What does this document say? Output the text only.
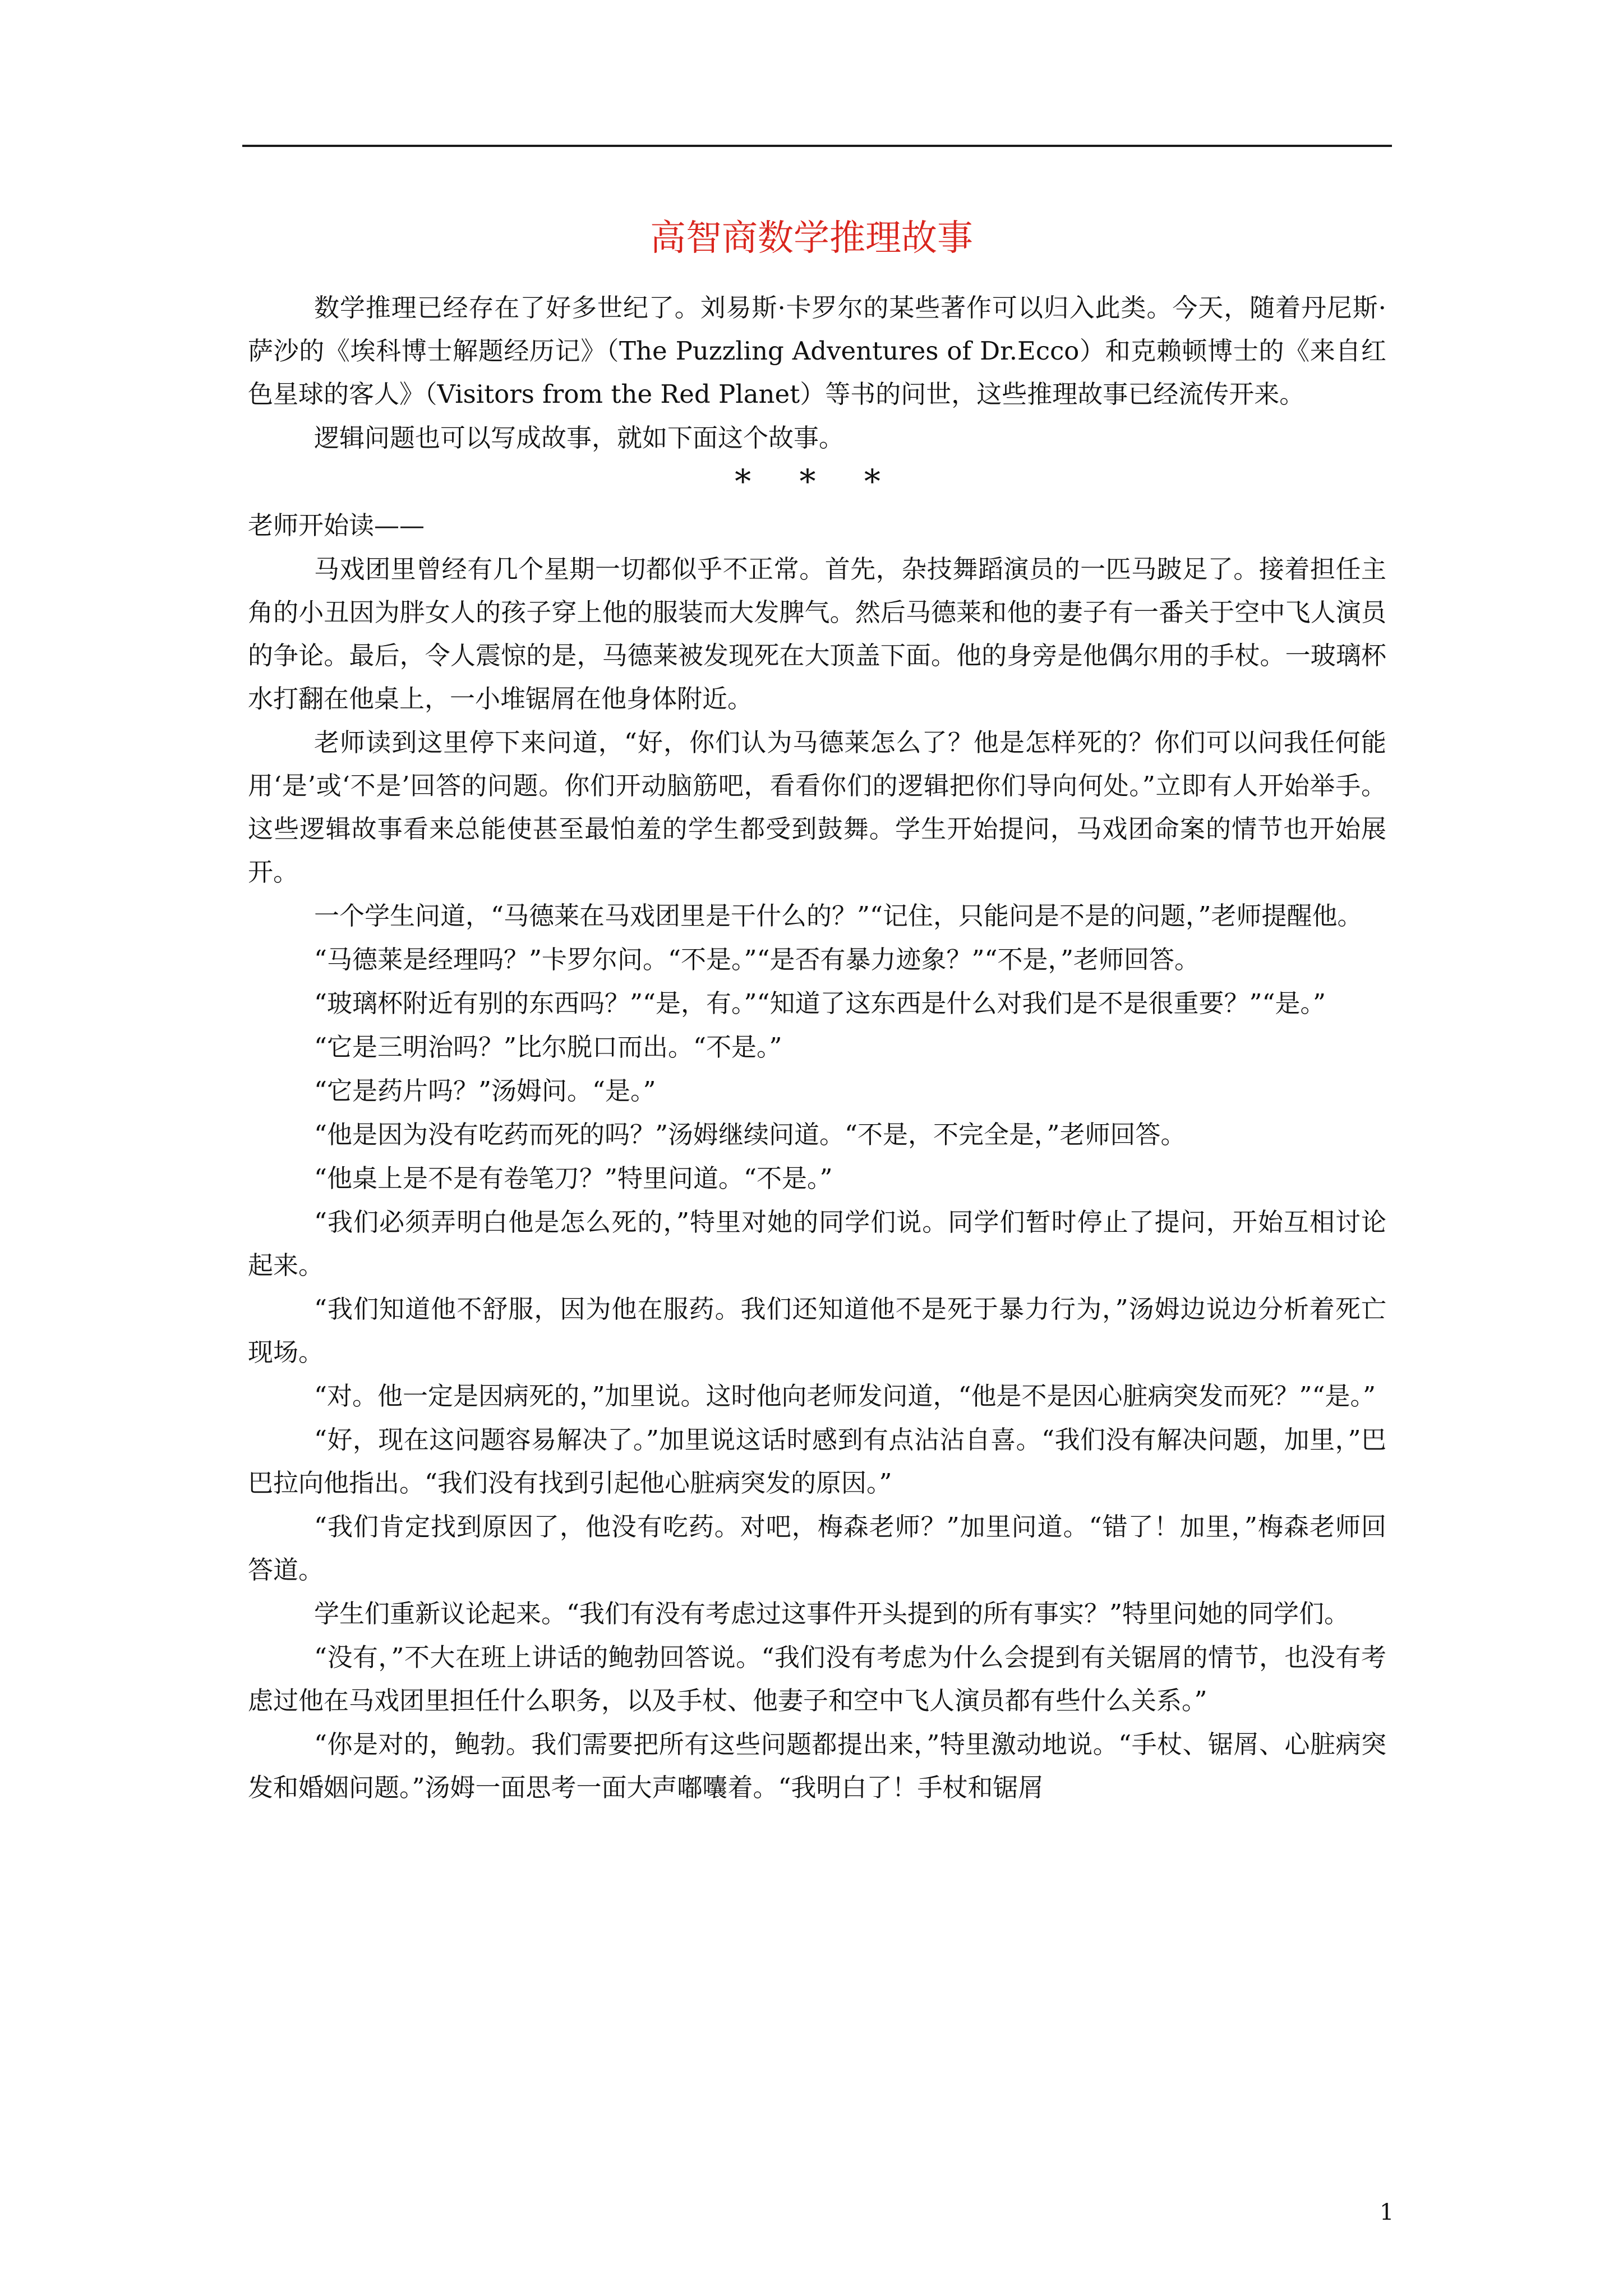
高智商数学推理故事

数学推理已经存在了好多世纪了。刘易斯·卡罗尔的某些著作可以归入此类。今天，随着丹尼斯·萨沙的《埃科博士解题经历记》（The Puzzling Adventures of Dr.Ecco）和克赖顿博士的《来自红色星球的客人》（Visitors from the Red Planet）等书的问世，这些推理故事已经流传开来。

逻辑问题也可以写成故事，就如下面这个故事。

* * *

老师开始读——

马戏团里曾经有几个星期一切都似乎不正常。首先，杂技舞蹈演员的一匹马跛足了。接着担任主角的小丑因为胖女人的孩子穿上他的服装而大发脾气。然后马德莱和他的妻子有一番关于空中飞人演员的争论。最后，令人震惊的是，马德莱被发现死在大顶盖下面。他的身旁是他偶尔用的手杖。一玻璃杯水打翻在他桌上，一小堆锯屑在他身体附近。

老师读到这里停下来问道，“好，你们认为马德莱怎么了？他是怎样死的？你们可以问我任何能用‘是’或‘不是’回答的问题。你们开动脑筋吧，看看你们的逻辑把你们导向何处。”立即有人开始举手。这些逻辑故事看来总能使甚至最怕羞的学生都受到鼓舞。学生开始提问，马戏团命案的情节也开始展开。

一个学生问道，“马德莱在马戏团里是干什么的？”“记住，只能问是不是的问题，”老师提醒他。

“马德莱是经理吗？”卡罗尔问。“不是。”“是否有暴力迹象？”“不是，”老师回答。

“玻璃杯附近有别的东西吗？”“是，有。”“知道了这东西是什么对我们是不是很重要？”“是。”

“它是三明治吗？”比尔脱口而出。“不是。”

“它是药片吗？”汤姆问。“是。”

“他是因为没有吃药而死的吗？”汤姆继续问道。“不是，不完全是，”老师回答。

“他桌上是不是有卷笔刀？”特里问道。“不是。”

“我们必须弄明白他是怎么死的，”特里对她的同学们说。同学们暂时停止了提问，开始互相讨论起来。

“我们知道他不舒服，因为他在服药。我们还知道他不是死于暴力行为，”汤姆边说边分析着死亡现场。

“对。他一定是因病死的，”加里说。这时他向老师发问道，“他是不是因心脏病突发而死？”“是。”

“好，现在这问题容易解决了。”加里说这话时感到有点沾沾自喜。“我们没有解决问题，加里，”巴巴拉向他指出。“我们没有找到引起他心脏病突发的原因。”

“我们肯定找到原因了，他没有吃药。对吧，梅森老师？”加里问道。“错了！加里，”梅森老师回答道。

学生们重新议论起来。“我们有没有考虑过这事件开头提到的所有事实？”特里问她的同学们。

“没有，”不大在班上讲话的鲍勃回答说。“我们没有考虑为什么会提到有关锯屑的情节，也没有考虑过他在马戏团里担任什么职务，以及手杖、他妻子和空中飞人演员都有些什么关系。”

“你是对的，鲍勃。我们需要把所有这些问题都提出来，”特里激动地说。“手杖、锯屑、心脏病突发和婚姻问题。”汤姆一面思考一面大声嘟囔着。“我明白了！手杖和锯屑

1
